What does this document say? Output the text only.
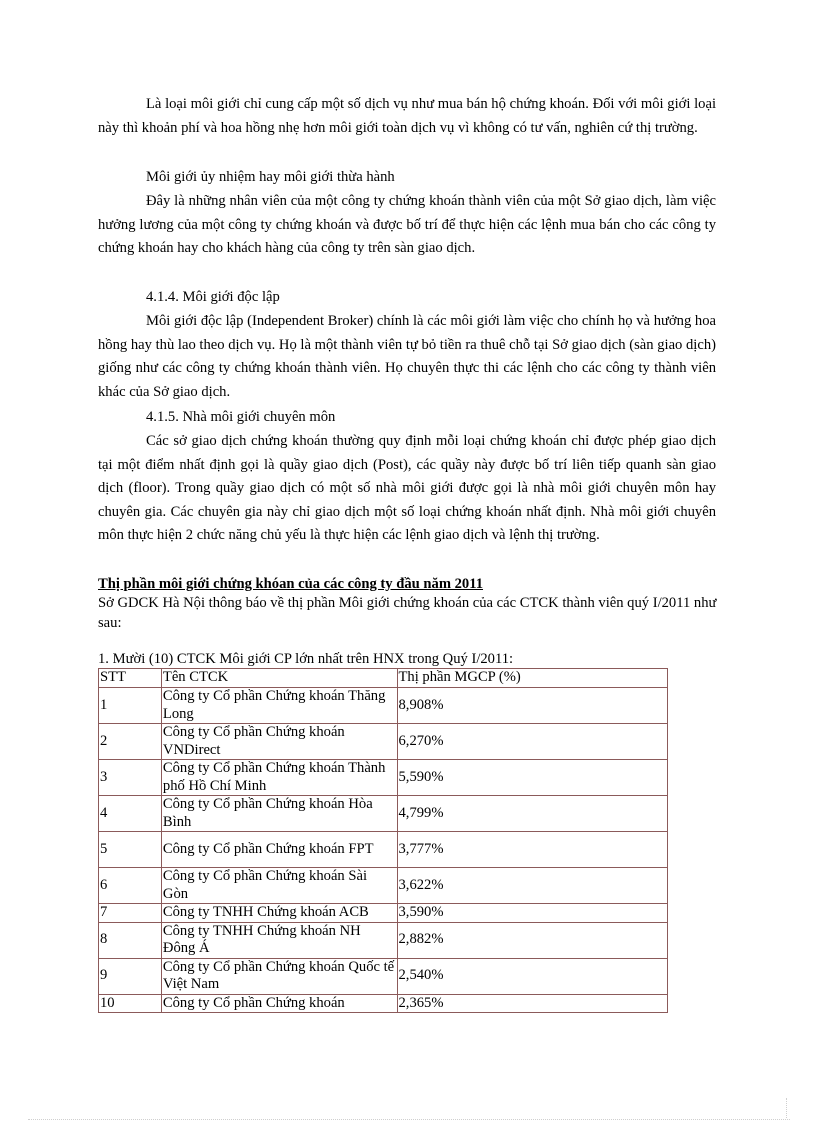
Là loại môi giới chỉ cung cấp một số dịch vụ như mua bán hộ chứng khoán. Đối với môi giới loại này thì khoản phí và hoa hồng nhẹ hơn môi giới toàn dịch vụ vì không có tư vấn, nghiên cứ thị trường.

Môi giới ủy nhiệm hay môi giới thừa hành

Đây là những nhân viên của một công ty chứng khoán thành viên của một Sở giao dịch, làm việc hưởng lương của một công ty chứng khoán và được bố trí để thực hiện các lệnh mua bán cho các công ty chứng khoán hay cho khách hàng của công ty trên sàn giao dịch.

4.1.4. Môi giới độc lập

Môi giới độc lập (Independent Broker) chính là các môi giới làm việc cho chính họ và hưởng hoa hồng hay thù lao theo dịch vụ. Họ là một thành viên tự bỏ tiền ra thuê chỗ tại Sở giao dịch (sàn giao dịch) giống như các công ty chứng khoán thành viên. Họ chuyên thực thi các lệnh cho các công ty thành viên khác của Sở giao dịch.

4.1.5. Nhà môi giới chuyên môn

Các sở giao dịch chứng khoán thường quy định mỗi loại chứng khoán chỉ được phép giao dịch tại một điểm nhất định gọi là quầy giao dịch (Post), các quầy này được bố trí liên tiếp quanh sàn giao dịch (floor). Trong quầy giao dịch có một số nhà môi giới được gọi là nhà môi giới chuyên môn hay chuyên gia. Các chuyên gia này chỉ giao dịch một số loại chứng khoán nhất định. Nhà môi giới chuyên môn thực hiện 2 chức năng chủ yếu là thực hiện các lệnh giao dịch và lệnh thị trường.

Thị phần môi giới chứng khóan của các công ty đầu năm 2011

Sở GDCK Hà Nội thông báo về thị phần Môi giới chứng khoán của các CTCK thành viên quý I/2011 như sau:

1. Mười (10) CTCK Môi giới CP lớn nhất trên HNX trong Quý I/2011:

STT	Tên CTCK	Thị phần MGCP (%)
1	Công ty Cổ phần Chứng khoán Thăng Long	8,908%
2	Công ty Cổ phần Chứng khoán VNDirect	6,270%
3	Công ty Cổ phần Chứng khoán Thành phố Hồ Chí Minh	5,590%
4	Công ty Cổ phần Chứng khoán Hòa Bình	4,799%
5	Công ty Cổ phần Chứng khoán FPT	3,777%
6	Công ty Cổ phần Chứng khoán Sài Gòn	3,622%
7	Công ty TNHH Chứng khoán ACB	3,590%
8	Công ty TNHH Chứng khoán NH Đông Á	2,882%
9	Công ty Cổ phần Chứng khoán Quốc tế Việt Nam	2,540%
10	Công ty Cổ phần Chứng khoán	2,365%
